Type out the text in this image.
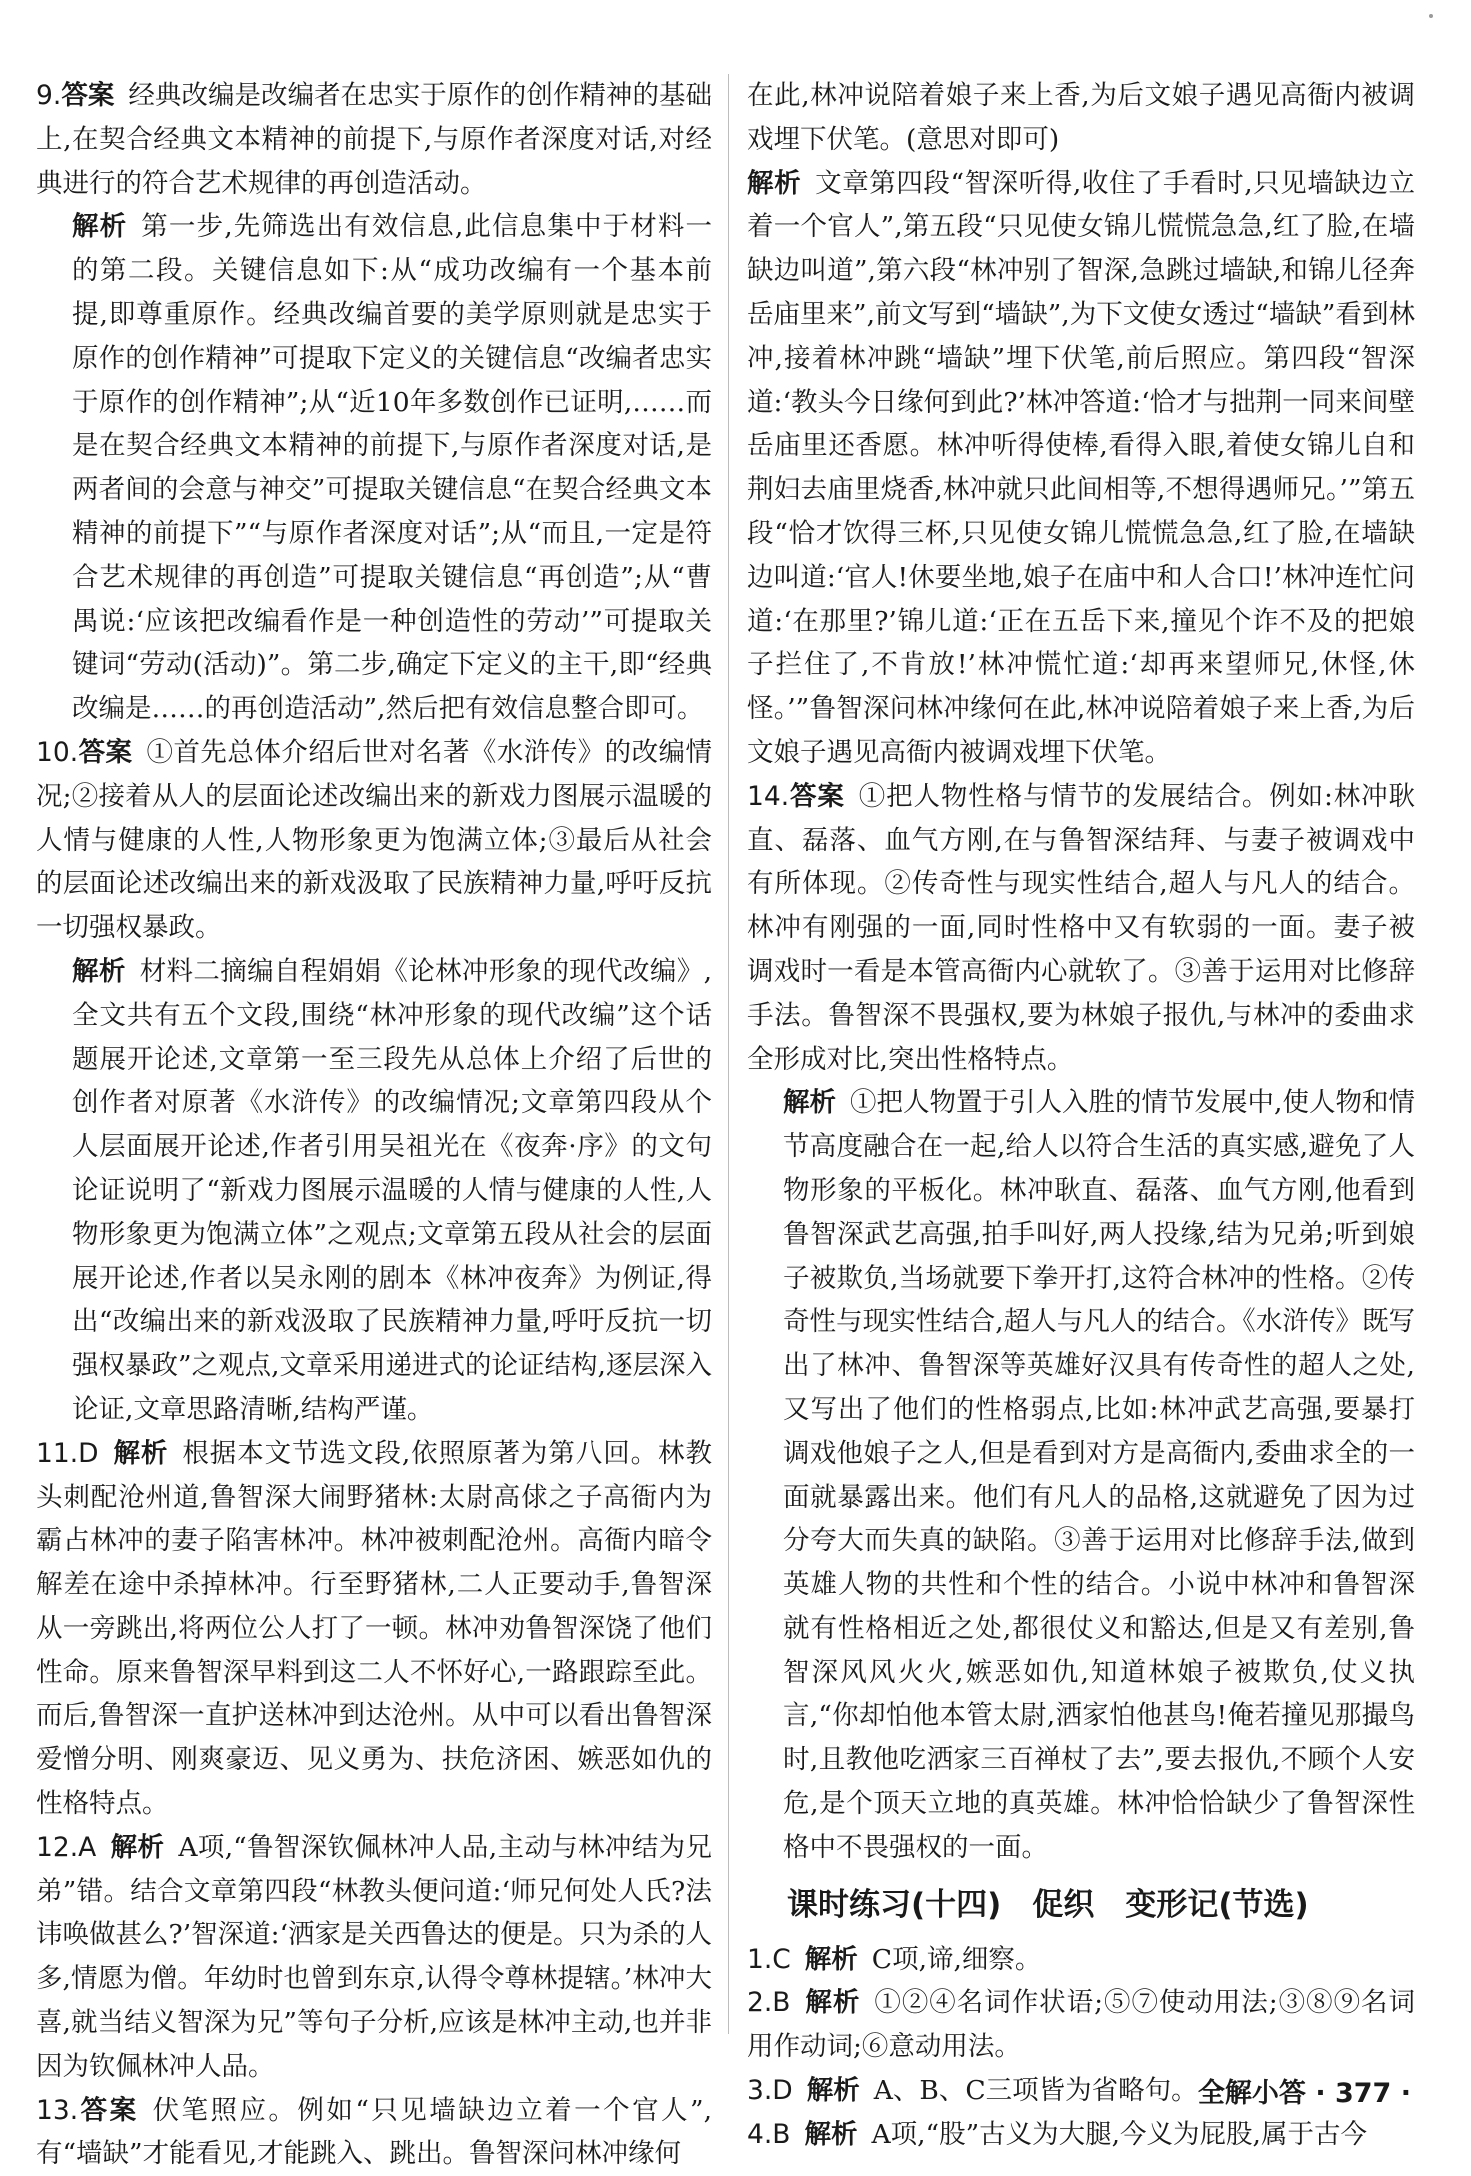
9.答案 经典改编是改编者在忠实于原作的创作精神的基础上,在契合经典文本精神的前提下,与原作者深度对话,对经典进行的符合艺术规律的再创造活动。

解析 第一步,先筛选出有效信息,此信息集中于材料一的第二段。关键信息如下:从“成功改编有一个基本前提,即尊重原作。经典改编首要的美学原则就是忠实于原作的创作精神”可提取下定义的关键信息“改编者忠实于原作的创作精神”;从“近10年多数创作已证明,……而是在契合经典文本精神的前提下,与原作者深度对话,是两者间的会意与神交”可提取关键信息“在契合经典文本精神的前提下”“与原作者深度对话”;从“而且,一定是符合艺术规律的再创造”可提取关键信息“再创造”;从“曹禺说:‘应该把改编看作是一种创造性的劳动’”可提取关键词“劳动(活动)”。第二步,确定下定义的主干,即“经典改编是……的再创造活动”,然后把有效信息整合即可。

10.答案 ①首先总体介绍后世对名著《水浒传》的改编情况;②接着从人的层面论述改编出来的新戏力图展示温暖的人情与健康的人性,人物形象更为饱满立体;③最后从社会的层面论述改编出来的新戏汲取了民族精神力量,呼吁反抗一切强权暴政。

解析 材料二摘编自程娟娟《论林冲形象的现代改编》,全文共有五个文段,围绕“林冲形象的现代改编”这个话题展开论述,文章第一至三段先从总体上介绍了后世的创作者对原著《水浒传》的改编情况;文章第四段从个人层面展开论述,作者引用吴祖光在《夜奔·序》的文句论证说明了“新戏力图展示温暖的人情与健康的人性,人物形象更为饱满立体”之观点;文章第五段从社会的层面展开论述,作者以吴永刚的剧本《林冲夜奔》为例证,得出“改编出来的新戏汲取了民族精神力量,呼吁反抗一切强权暴政”之观点,文章采用递进式的论证结构,逐层深入论证,文章思路清晰,结构严谨。

11.D 解析 根据本文节选文段,依照原著为第八回。林教头刺配沧州道,鲁智深大闹野猪林:太尉高俅之子高衙内为霸占林冲的妻子陷害林冲。林冲被刺配沧州。高衙内暗令解差在途中杀掉林冲。行至野猪林,二人正要动手,鲁智深从一旁跳出,将两位公人打了一顿。林冲劝鲁智深饶了他们性命。原来鲁智深早料到这二人不怀好心,一路跟踪至此。而后,鲁智深一直护送林冲到达沧州。从中可以看出鲁智深爱憎分明、刚爽豪迈、见义勇为、扶危济困、嫉恶如仇的性格特点。

12.A 解析 A项,“鲁智深钦佩林冲人品,主动与林冲结为兄弟”错。结合文章第四段“林教头便问道:‘师兄何处人氏?法讳唤做甚么?’智深道:‘洒家是关西鲁达的便是。只为杀的人多,情愿为僧。年幼时也曾到东京,认得令尊林提辖。’林冲大喜,就当结义智深为兄”等句子分析,应该是林冲主动,也并非因为钦佩林冲人品。

13.答案 伏笔照应。例如“只见墙缺边立着一个官人”,有“墙缺”才能看见,才能跳入、跳出。鲁智深问林冲缘何

在此,林冲说陪着娘子来上香,为后文娘子遇见高衙内被调戏埋下伏笔。(意思对即可)

解析 文章第四段“智深听得,收住了手看时,只见墙缺边立着一个官人”,第五段“只见使女锦儿慌慌急急,红了脸,在墙缺边叫道”,第六段“林冲别了智深,急跳过墙缺,和锦儿径奔岳庙里来”,前文写到“墙缺”,为下文使女透过“墙缺”看到林冲,接着林冲跳“墙缺”埋下伏笔,前后照应。第四段“智深道:‘教头今日缘何到此?’林冲答道:‘恰才与拙荆一同来间壁岳庙里还香愿。林冲听得使棒,看得入眼,着使女锦儿自和荆妇去庙里烧香,林冲就只此间相等,不想得遇师兄。’”第五段“恰才饮得三杯,只见使女锦儿慌慌急急,红了脸,在墙缺边叫道:‘官人!休要坐地,娘子在庙中和人合口!’林冲连忙问道:‘在那里?’锦儿道:‘正在五岳下来,撞见个诈不及的把娘子拦住了,不肯放!’林冲慌忙道:‘却再来望师兄,休怪,休怪。’”鲁智深问林冲缘何在此,林冲说陪着娘子来上香,为后文娘子遇见高衙内被调戏埋下伏笔。

14.答案 ①把人物性格与情节的发展结合。例如:林冲耿直、磊落、血气方刚,在与鲁智深结拜、与妻子被调戏中有所体现。②传奇性与现实性结合,超人与凡人的结合。林冲有刚强的一面,同时性格中又有软弱的一面。妻子被调戏时一看是本管高衙内心就软了。③善于运用对比修辞手法。鲁智深不畏强权,要为林娘子报仇,与林冲的委曲求全形成对比,突出性格特点。

解析 ①把人物置于引人入胜的情节发展中,使人物和情节高度融合在一起,给人以符合生活的真实感,避免了人物形象的平板化。林冲耿直、磊落、血气方刚,他看到鲁智深武艺高强,拍手叫好,两人投缘,结为兄弟;听到娘子被欺负,当场就要下拳开打,这符合林冲的性格。②传奇性与现实性结合,超人与凡人的结合。《水浒传》既写出了林冲、鲁智深等英雄好汉具有传奇性的超人之处,又写出了他们的性格弱点,比如:林冲武艺高强,要暴打调戏他娘子之人,但是看到对方是高衙内,委曲求全的一面就暴露出来。他们有凡人的品格,这就避免了因为过分夸大而失真的缺陷。③善于运用对比修辞手法,做到英雄人物的共性和个性的结合。小说中林冲和鲁智深就有性格相近之处,都很仗义和豁达,但是又有差别,鲁智深风风火火,嫉恶如仇,知道林娘子被欺负,仗义执言,“你却怕他本管太尉,洒家怕他甚鸟!俺若撞见那撮鸟时,且教他吃洒家三百禅杖了去”,要去报仇,不顾个人安危,是个顶天立地的真英雄。林冲恰恰缺少了鲁智深性格中不畏强权的一面。

课时练习(十四)　促织　变形记(节选)

1.C 解析 C项,谛,细察。

2.B 解析 ①②④名词作状语;⑤⑦使动用法;③⑧⑨名词用作动词;⑥意动用法。

3.D 解析 A、B、C三项皆为省略句。

4.B 解析 A项,“股”古义为大腿,今义为屁股,属于古今

全解小答 · 377 ·
